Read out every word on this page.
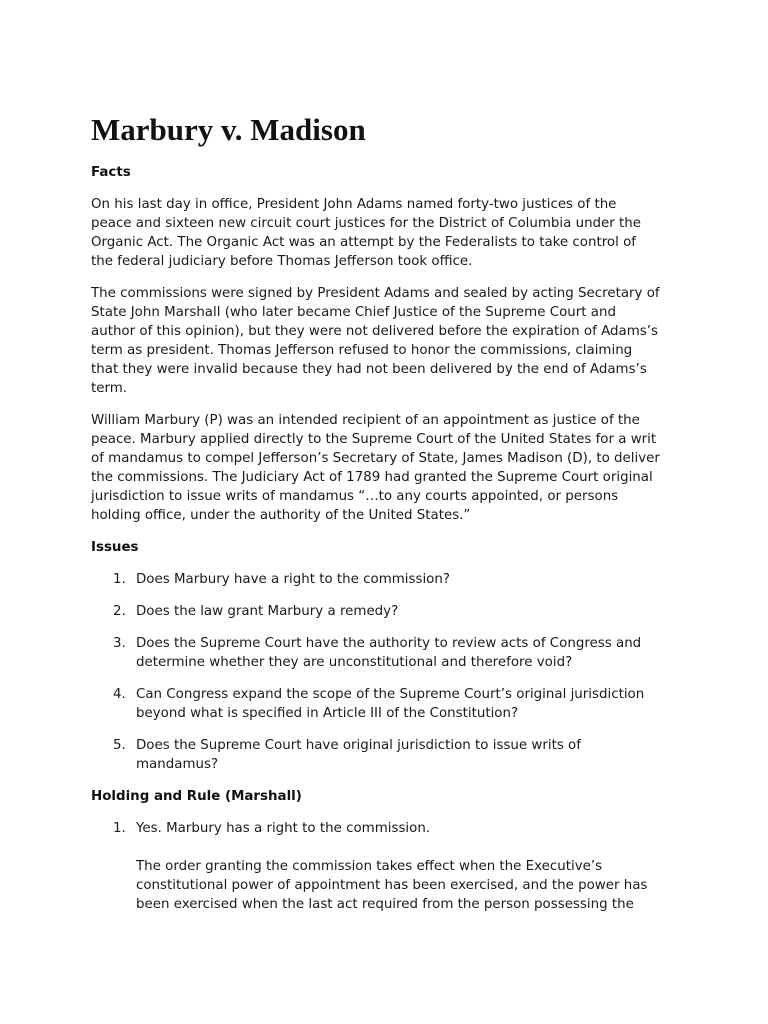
Marbury v. Madison
Facts
On his last day in office, President John Adams named forty-two justices of the
peace and sixteen new circuit court justices for the District of Columbia under the
Organic Act. The Organic Act was an attempt by the Federalists to take control of
the federal judiciary before Thomas Jefferson took office.
The commissions were signed by President Adams and sealed by acting Secretary of
State John Marshall (who later became Chief Justice of the Supreme Court and
author of this opinion), but they were not delivered before the expiration of Adams’s
term as president. Thomas Jefferson refused to honor the commissions, claiming
that they were invalid because they had not been delivered by the end of Adams’s
term.
William Marbury (P) was an intended recipient of an appointment as justice of the
peace. Marbury applied directly to the Supreme Court of the United States for a writ
of mandamus to compel Jefferson’s Secretary of State, James Madison (D), to deliver
the commissions. The Judiciary Act of 1789 had granted the Supreme Court original
jurisdiction to issue writs of mandamus “…to any courts appointed, or persons
holding office, under the authority of the United States.”
Issues
1. Does Marbury have a right to the commission?
2. Does the law grant Marbury a remedy?
3. Does the Supreme Court have the authority to review acts of Congress and
determine whether they are unconstitutional and therefore void?
4. Can Congress expand the scope of the Supreme Court’s original jurisdiction
beyond what is specified in Article III of the Constitution?
5. Does the Supreme Court have original jurisdiction to issue writs of
mandamus?
Holding and Rule (Marshall)
1. Yes. Marbury has a right to the commission.
The order granting the commission takes effect when the Executive’s
constitutional power of appointment has been exercised, and the power has
been exercised when the last act required from the person possessing the
